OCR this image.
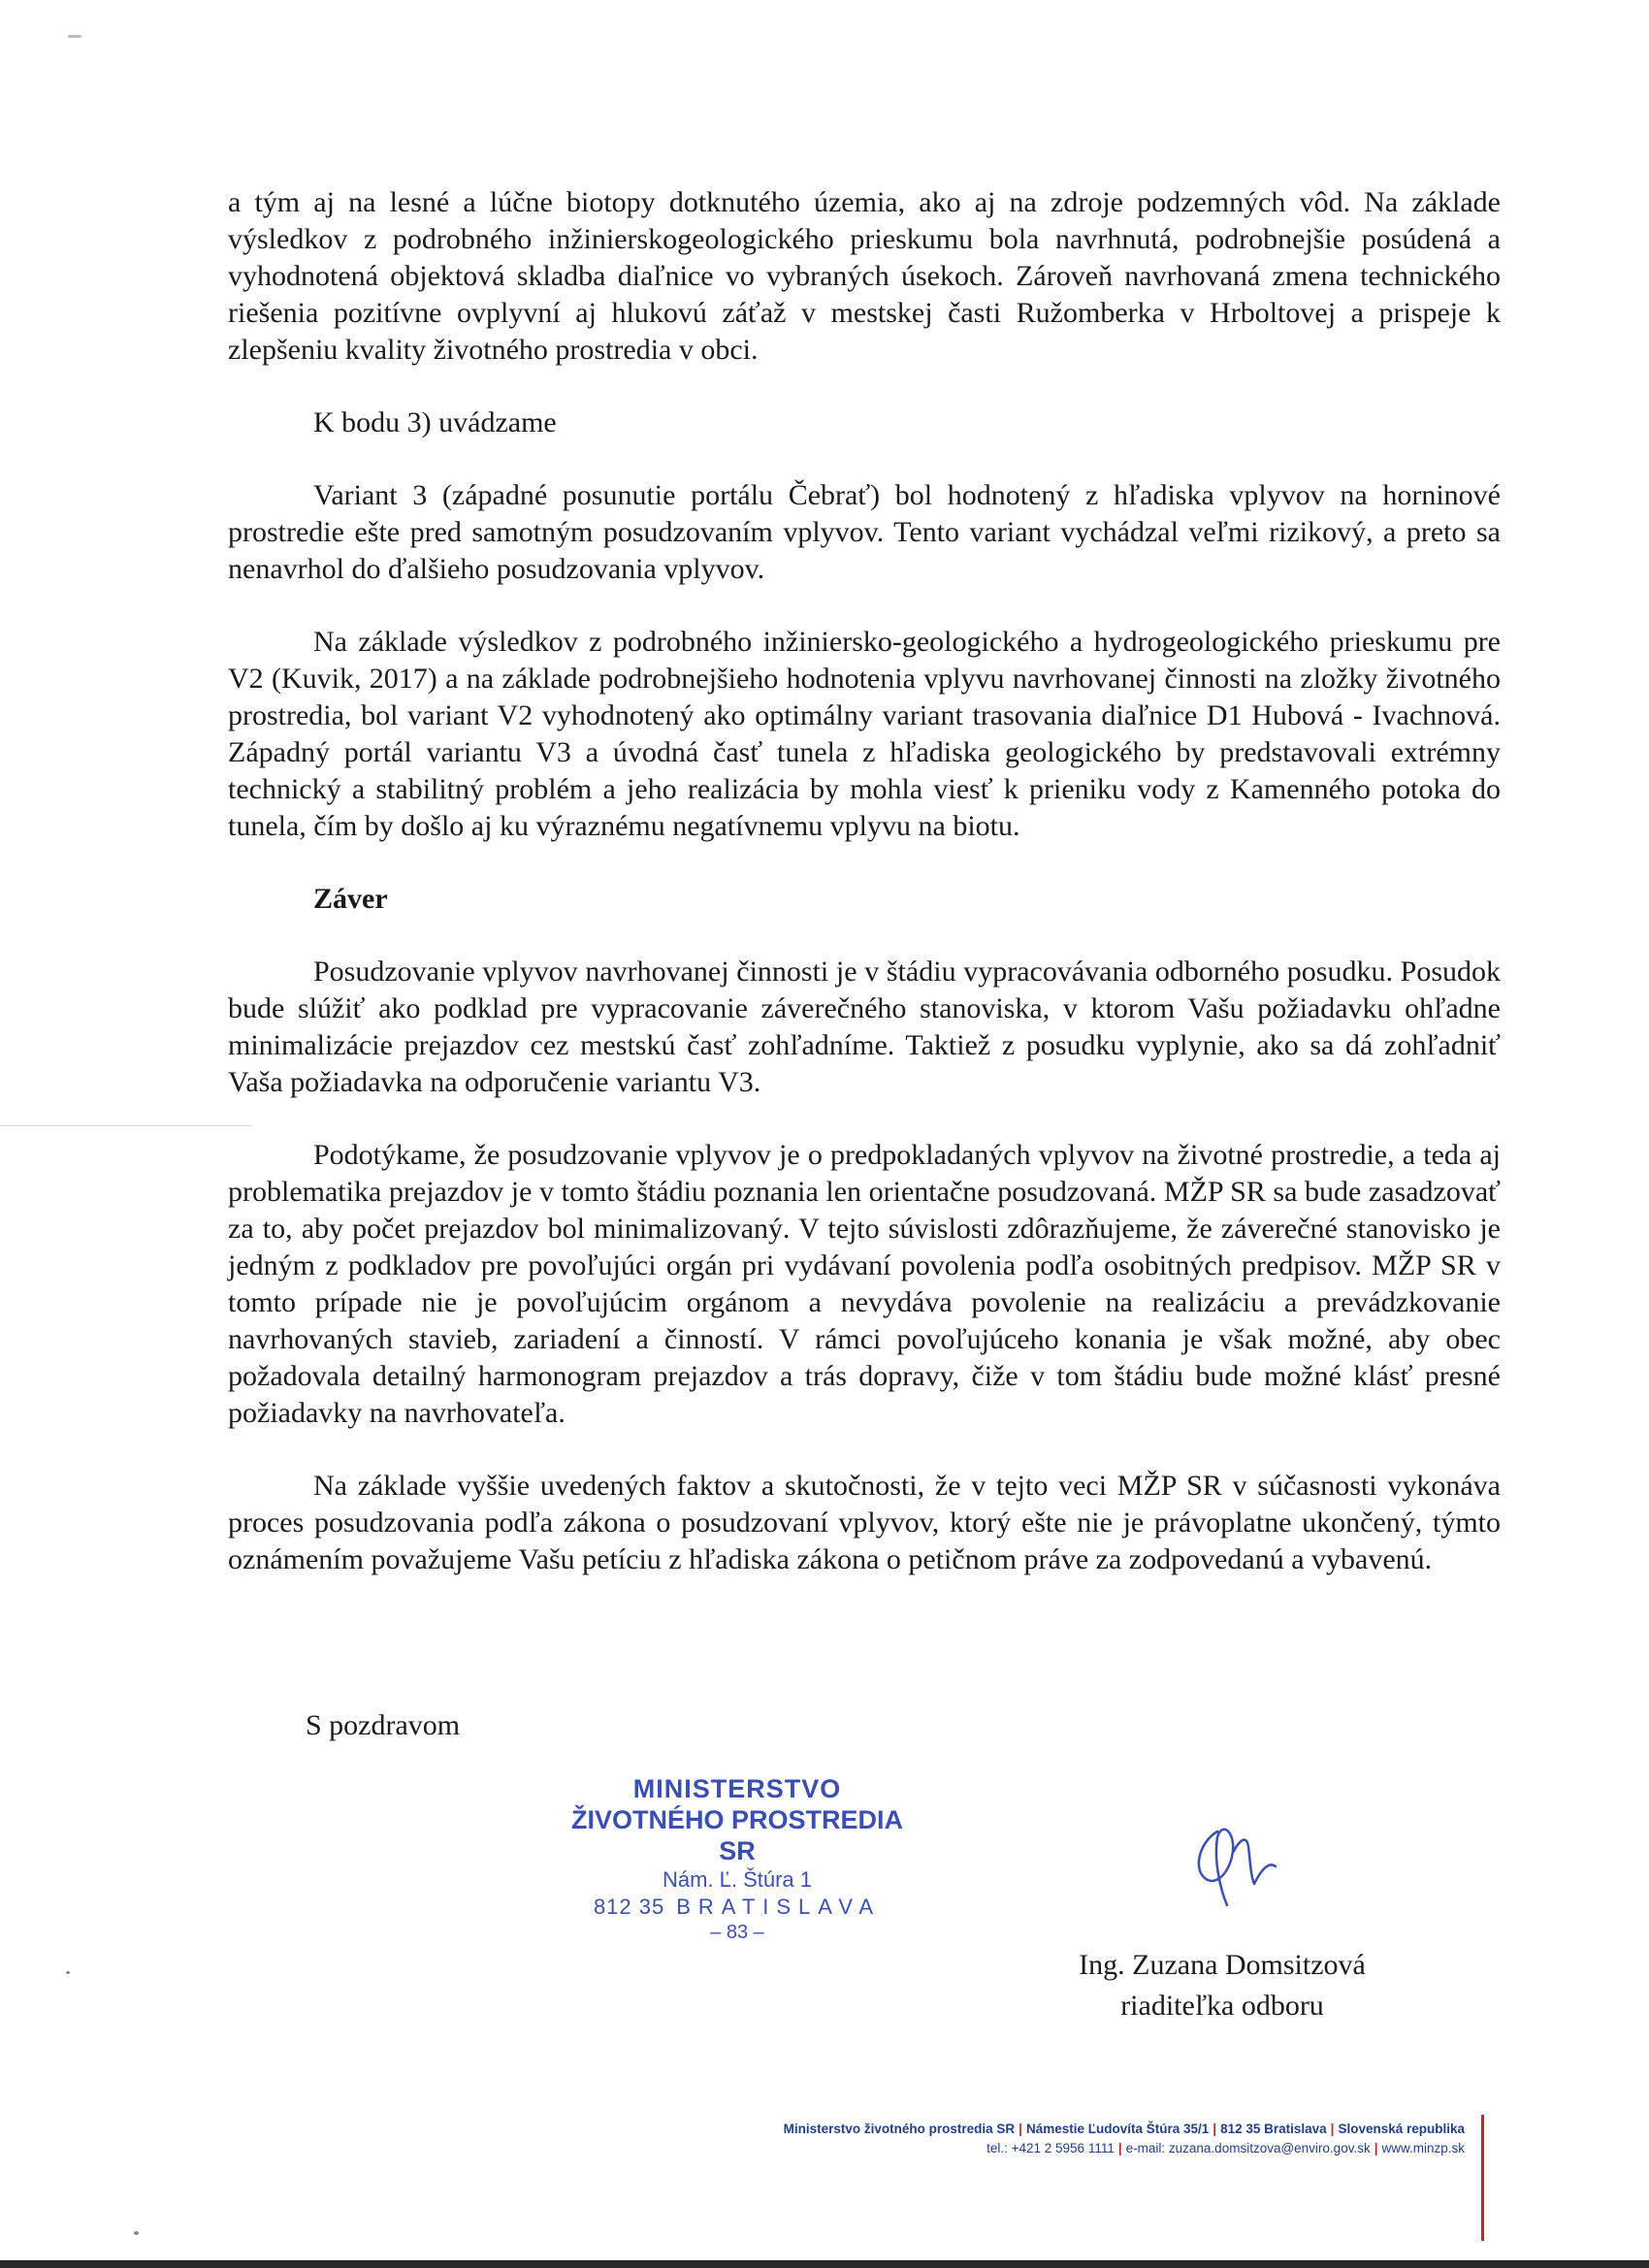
a tým aj na lesné a lúčne biotopy dotknutého územia, ako aj na zdroje podzemných vôd. Na základe výsledkov z podrobného inžinierskogeologického prieskumu bola navrhnutá, podrobnejšie posúdená a vyhodnotená objektová skladba diaľnice vo vybraných úsekoch. Zároveň navrhovaná zmena technického riešenia pozitívne ovplyvní aj hlukovú záťaž v mestskej časti Ružomberka v Hrboltovej a prispeje k zlepšeniu kvality životného prostredia v obci.

K bodu 3) uvádzame

Variant 3 (západné posunutie portálu Čebrať) bol hodnotený z hľadiska vplyvov na horninové prostredie ešte pred samotným posudzovaním vplyvov. Tento variant vychádzal veľmi rizikový, a preto sa nenavrhol do ďalšieho posudzovania vplyvov.

Na základe výsledkov z podrobného inžiniersko-geologického a hydrogeologického prieskumu pre V2 (Kuvik, 2017) a na základe podrobnejšieho hodnotenia vplyvu navrhovanej činnosti na zložky životného prostredia, bol variant V2 vyhodnotený ako optimálny variant trasovania diaľnice D1 Hubová - Ivachnová. Západný portál variantu V3 a úvodná časť tunela z hľadiska geologického by predstavovali extrémny technický a stabilitný problém a jeho realizácia by mohla viesť k prieniku vody z Kamenného potoka do tunela, čím by došlo aj ku výraznému negatívnemu vplyvu na biotu.

Záver

Posudzovanie vplyvov navrhovanej činnosti je v štádiu vypracovávania odborného posudku. Posudok bude slúžiť ako podklad pre vypracovanie záverečného stanoviska, v ktorom Vašu požiadavku ohľadne minimalizácie prejazdov cez mestskú časť zohľadníme. Taktiež z posudku vyplynie, ako sa dá zohľadniť Vaša požiadavka na odporučenie variantu V3.

Podotýkame, že posudzovanie vplyvov je o predpokladaných vplyvov na životné prostredie, a teda aj problematika prejazdov je v tomto štádiu poznania len orientačne posudzovaná. MŽP SR sa bude zasadzovať za to, aby počet prejazdov bol minimalizovaný. V tejto súvislosti zdôrazňujeme, že záverečné stanovisko je jedným z podkladov pre povoľujúci orgán pri vydávaní povolenia podľa osobitných predpisov. MŽP SR v tomto prípade nie je povoľujúcim orgánom a nevydáva povolenie na realizáciu a prevádzkovanie navrhovaných stavieb, zariadení a činností. V rámci povoľujúceho konania je však možné, aby obec požadovala detailný harmonogram prejazdov a trás dopravy, čiže v tom štádiu bude možné klásť presné požiadavky na navrhovateľa.

Na základe vyššie uvedených faktov a skutočnosti, že v tejto veci MŽP SR v súčasnosti vykonáva proces posudzovania podľa zákona o posudzovaní vplyvov, ktorý ešte nie je právoplatne ukončený, týmto oznámením považujeme Vašu petíciu z hľadiska zákona o petičnom práve za zodpovedanú a vybavenú.

S pozdravom
MINISTERSTVO
ŽIVOTNÉHO PROSTREDIA SR
Nám. Ľ. Štúra 1
812 35 BRATISLAVA
– 83 –
Ing. Zuzana Domsitzová
riaditeľka odboru
Ministerstvo životného prostredia SR | Námestie Ľudovíta Štúra 35/1 | 812 35 Bratislava | Slovenská republika
tel.: +421 2 5956 1111 | e-mail: zuzana.domsitzova@enviro.gov.sk | www.minzp.sk
